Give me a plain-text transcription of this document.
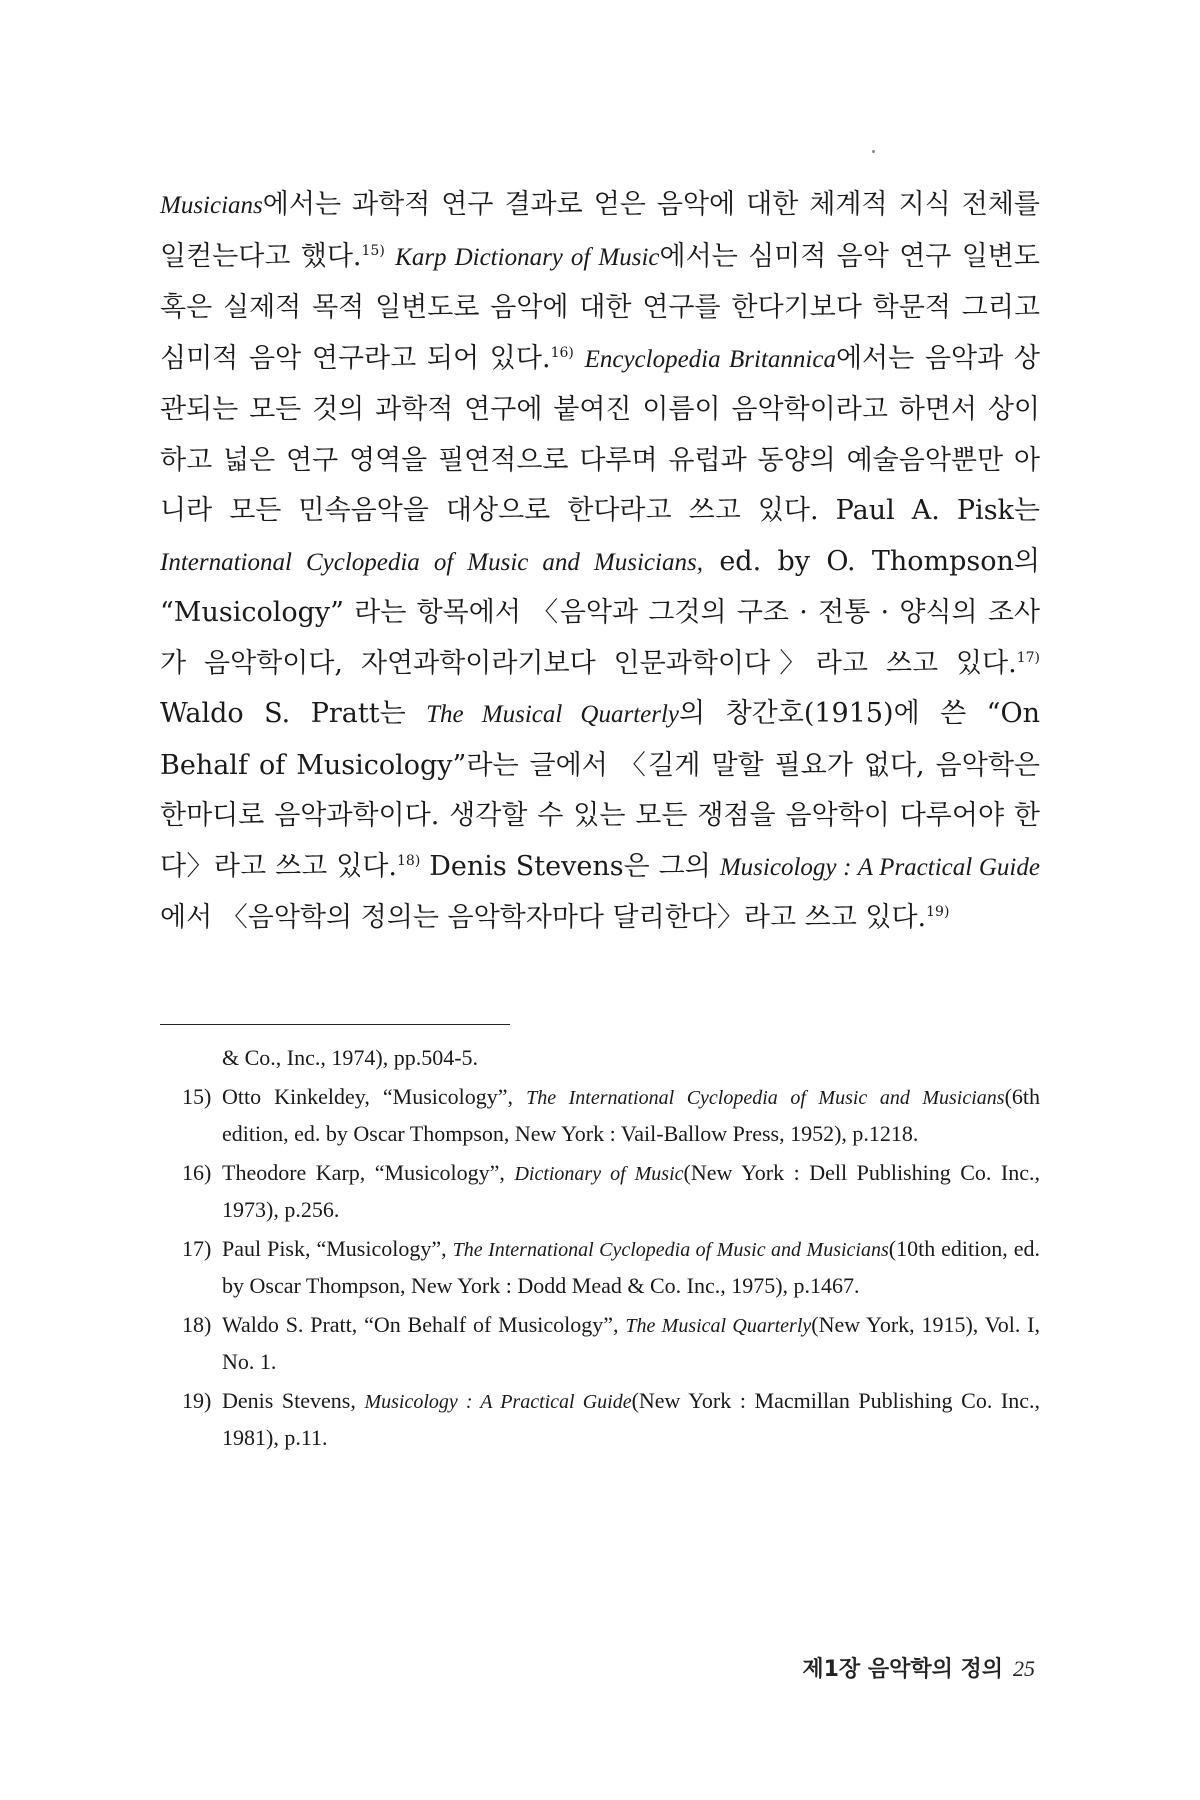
Musicians에서는 과학적 연구 결과로 얻은 음악에 대한 체계적 지식 전체를 일컫는다고 했다.$^{15)}$ Karp Dictionary of Music에서는 심미적 음악 연구 일변도 혹은 실제적 목적 일변도로 음악에 대한 연구를 한다기보다 학문적 그리고 심미적 음악 연구라고 되어 있다.$^{16)}$ Encyclopedia Britannica에서는 음악과 상관되는 모든 것의 과학적 연구에 붙여진 이름이 음악학이라고 하면서 상이하고 넓은 연구 영역을 필연적으로 다루며 유럽과 동양의 예술음악뿐만 아니라 모든 민속음악을 대상으로 한다라고 쓰고 있다. Paul A. Pisk는 International Cyclopedia of Music and Musicians, ed. by O. Thompson의 “Musicology” 라는 항목에서 〈음악과 그것의 구조 · 전통 · 양식의 조사가 음악학이다, 자연과학이라기보다 인문과학이다〉라고 쓰고 있다.$^{17)}$ Waldo S. Pratt는 The Musical Quarterly의 창간호(1915)에 쓴 “On Behalf of Musicology”라는 글에서 〈길게 말할 필요가 없다, 음악학은 한마디로 음악과학이다. 생각할 수 있는 모든 쟁점을 음악학이 다루어야 한다〉라고 쓰고 있다.$^{18)}$ Denis Stevens은 그의 Musicology : A Practical Guide에서 〈음악학의 정의는 음악학자마다 달리한다〉라고 쓰고 있다.$^{19)}$
& Co., Inc., 1974), pp.504-5.
15) Otto Kinkeldey, “Musicology”, The International Cyclopedia of Music and Musicians(6th edition, ed. by Oscar Thompson, New York : Vail-Ballow Press, 1952), p.1218.
16) Theodore Karp, “Musicology”, Dictionary of Music(New York : Dell Publishing Co. Inc., 1973), p.256.
17) Paul Pisk, “Musicology”, The International Cyclopedia of Music and Musicians(10th edition, ed. by Oscar Thompson, New York : Dodd Mead & Co. Inc., 1975), p.1467.
18) Waldo S. Pratt, “On Behalf of Musicology”, The Musical Quarterly(New York, 1915), Vol. I, No. 1.
19) Denis Stevens, Musicology : A Practical Guide(New York : Macmillan Publishing Co. Inc., 1981), p.11.
제1장 음악학의 정의 25
